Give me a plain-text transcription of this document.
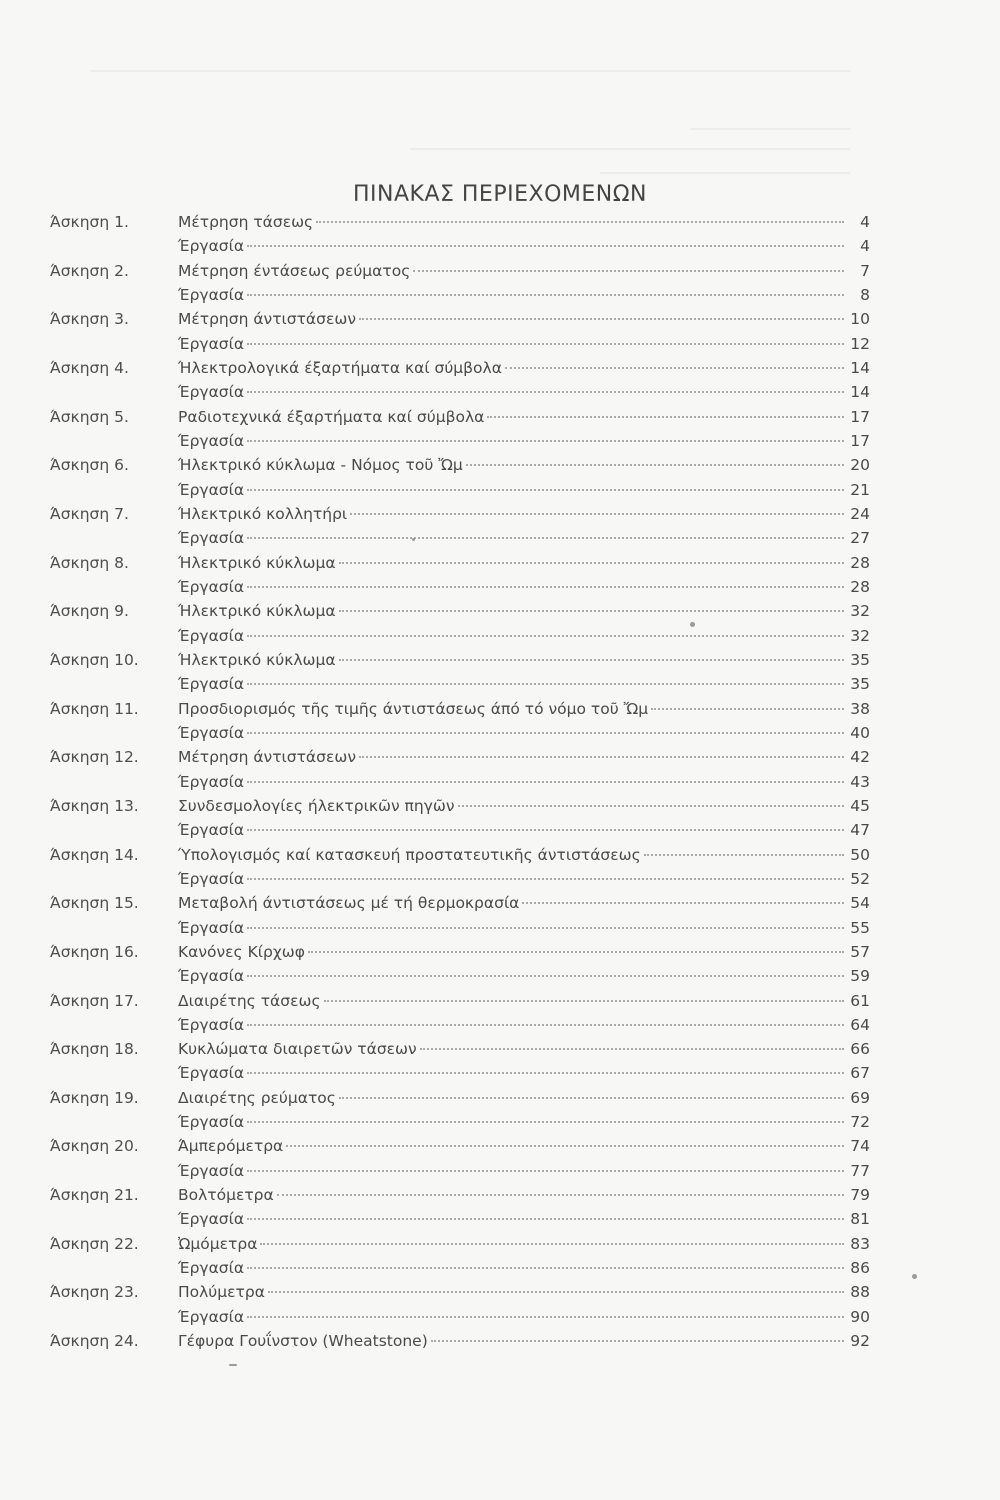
ΠΙΝΑΚΑΣ ΠΕΡΙΕΧΟΜΕΝΩΝ
Άσκηση 1.	Μέτρηση τάσεως	4
Έργασία	4
Άσκηση 2.	Μέτρηση έντάσεως ρεύματος	7
Έργασία	8
Άσκηση 3.	Μέτρηση άντιστάσεων	10
Έργασία	12
Άσκηση 4.	Ήλεκτρολογικά έξαρτήματα καί σύμβολα	14
Έργασία	14
Άσκηση 5.	Ραδιοτεχνικά έξαρτήματα καί σύμβολα	17
Έργασία	17
Άσκηση 6.	Ήλεκτρικό κύκλωμα - Νόμος τοῦ Ὤμ	20
Έργασία	21
Άσκηση 7.	Ήλεκτρικό κολλητήρι	24
Έργασία	27
Άσκηση 8.	Ήλεκτρικό κύκλωμα	28
Έργασία	28
Άσκηση 9.	Ήλεκτρικό κύκλωμα	32
Έργασία	32
Άσκηση 10.	Ήλεκτρικό κύκλωμα	35
Έργασία	35
Άσκηση 11.	Προσδιορισμός τῆς τιμῆς άντιστάσεως άπό τό νόμο τοῦ Ὤμ	38
Έργασία	40
Άσκηση 12.	Μέτρηση άντιστάσεων	42
Έργασία	43
Άσκηση 13.	Συνδεσμολογίες ήλεκτρικῶν πηγῶν	45
Έργασία	47
Άσκηση 14.	Ύπολογισμός καί κατασκευή προστατευτικῆς άντιστάσεως	50
Έργασία	52
Άσκηση 15.	Μεταβολή άντιστάσεως μέ τή θερμοκρασία	54
Έργασία	55
Άσκηση 16.	Κανόνες Κίρχωφ	57
Έργασία	59
Άσκηση 17.	Διαιρέτης τάσεως	61
Έργασία	64
Άσκηση 18.	Κυκλώματα διαιρετῶν τάσεων	66
Έργασία	67
Άσκηση 19.	Διαιρέτης ρεύματος	69
Έργασία	72
Άσκηση 20.	Άμπερόμετρα	74
Έργασία	77
Άσκηση 21.	Βολτόμετρα	79
Έργασία	81
Άσκηση 22.	Ὠμόμετρα	83
Έργασία	86
Άσκηση 23.	Πολύμετρα	88
Έργασία	90
Άσκηση 24.	Γέφυρα Γουΐνστον (Wheatstone)	92
